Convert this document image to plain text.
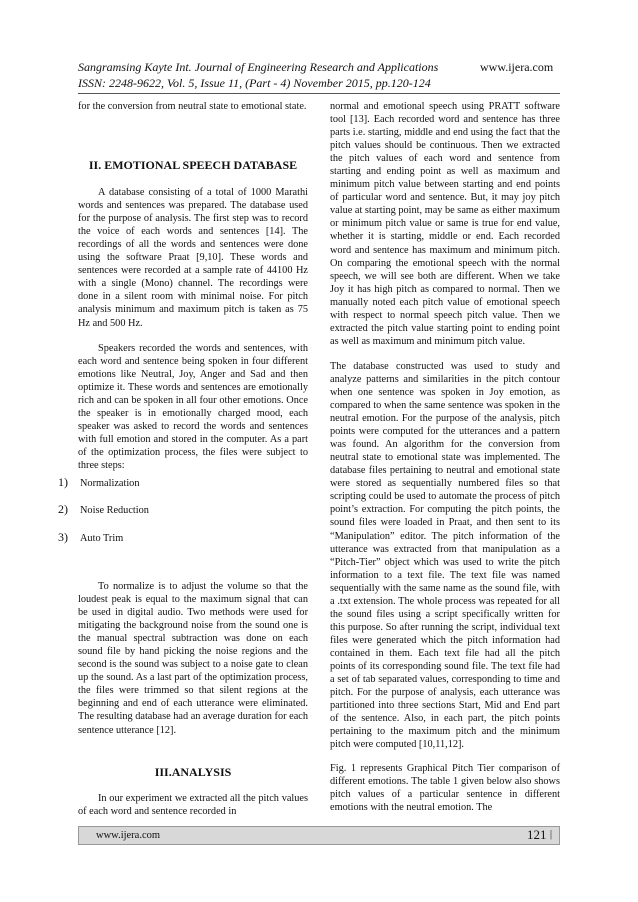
Sangramsing Kayte Int. Journal of Engineering Research and Applications
ISSN: 2248-9622, Vol. 5, Issue 11, (Part - 4) November 2015, pp.120-124
www.ijera.com

for the conversion from neutral state to emotional state.

II. EMOTIONAL SPEECH DATABASE

A database consisting of a total of 1000 Marathi words and sentences was prepared. The database used for the purpose of analysis. The first step was to record the voice of each words and sentences [14]. The recordings of all the words and sentences were done using the software Praat [9,10]. These words and sentences were recorded at a sample rate of 44100 Hz with a single (Mono) channel. The recordings were done in a silent room with minimal noise. For pitch analysis minimum and maximum pitch is taken as 75 Hz and 500 Hz.

Speakers recorded the words and sentences, with each word and sentence being spoken in four different emotions like Neutral, Joy, Anger and Sad and then optimize it. These words and sentences are emotionally rich and can be spoken in all four other emotions. Once the speaker is in emotionally charged mood, each speaker was asked to record the words and sentences with full emotion and stored in the computer. As a part of the optimization process, the files were subject to three steps:

1) Normalization
2) Noise Reduction
3) Auto Trim

To normalize is to adjust the volume so that the loudest peak is equal to the maximum signal that can be used in digital audio. Two methods were used for mitigating the background noise from the sound one is the manual spectral subtraction was done on each sound file by hand picking the noise regions and the second is the sound was subject to a noise gate to clean up the sound. As a last part of the optimization process, the files were trimmed so that silent regions at the beginning and end of each utterance were eliminated. The resulting database had an average duration for each sentence utterance [12].

III.ANALYSIS

In our experiment we extracted all the pitch values of each word and sentence recorded in

normal and emotional speech using PRATT software tool [13]. Each recorded word and sentence has three parts i.e. starting, middle and end using the fact that the pitch values should be continuous. Then we extracted the pitch values of each word and sentence from starting and ending point as well as maximum and minimum pitch value between starting and end points of particular word and sentence. But, it may joy pitch value at starting point, may be same as either maximum or minimum pitch value or same is true for end value, whether it is starting, middle or end. Each recorded word and sentence has maximum and minimum pitch. On comparing the emotional speech with the normal speech, we will see both are different. When we take Joy it has high pitch as compared to normal. Then we manually noted each pitch value of emotional speech with respect to normal speech pitch value. Then we extracted the pitch value starting point to ending point as well as maximum and minimum pitch value.

The database constructed was used to study and analyze patterns and similarities in the pitch contour when one sentence was spoken in Joy emotion, as compared to when the same sentence was spoken in the neutral emotion. For the purpose of the analysis, pitch points were computed for the utterances and a pattern was found. An algorithm for the conversion from neutral state to emotional state was implemented. The database files pertaining to neutral and emotional state were stored as sequentially numbered files so that scripting could be used to automate the process of pitch point’s extraction. For computing the pitch points, the sound files were loaded in Praat, and then sent to its “Manipulation” editor. The pitch information of the utterance was extracted from that manipulation as a “Pitch-Tier” object which was used to write the pitch information to a text file. The text file was named sequentially with the same name as the sound file, with a .txt extension. The whole process was repeated for all the sound files using a script specifically written for this purpose. So after running the script, individual text files were generated which the pitch information had contained in them. Each text file had all the pitch points of its corresponding sound file. The text file had a set of tab separated values, corresponding to time and pitch. For the purpose of analysis, each utterance was partitioned into three sections Start, Mid and End part of the sentence. Also, in each part, the pitch points pertaining to the maximum pitch and the minimum pitch were computed [10,11,12].

Fig. 1 represents Graphical Pitch Tier comparison of different emotions. The table 1 given below also shows pitch values of a particular sentence in different emotions with the neutral emotion. The

www.ijera.com	121 |
